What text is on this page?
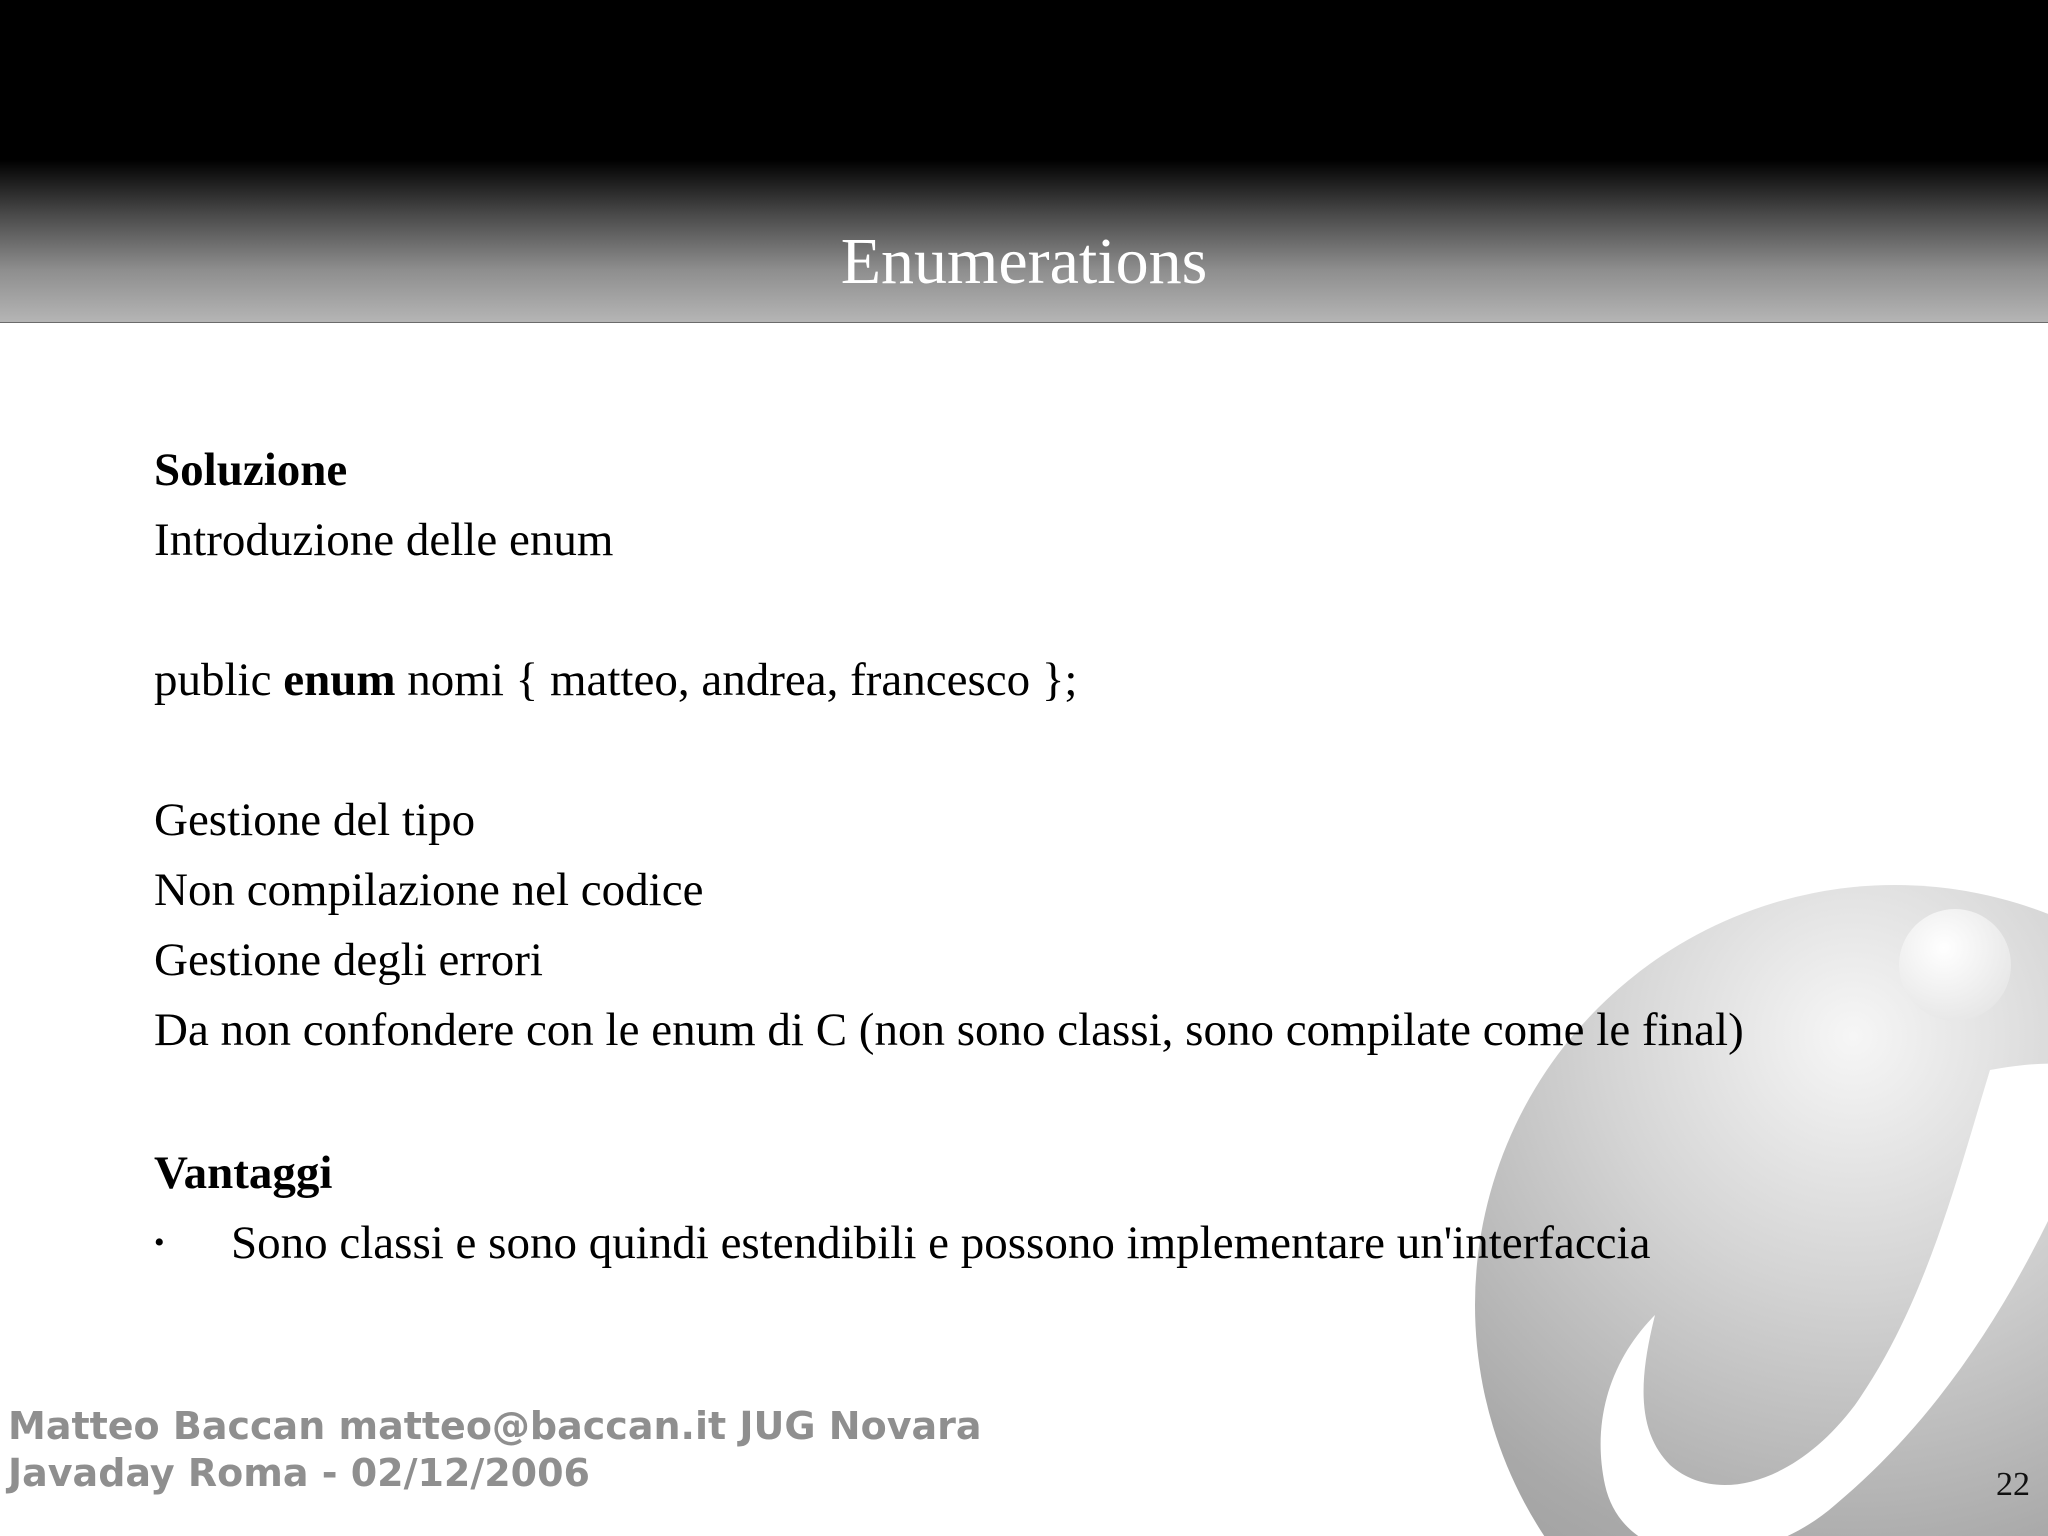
Enumerations
Soluzione
Introduzione delle enum
public enum nomi { matteo, andrea, francesco };
Gestione del tipo
Non compilazione nel codice
Gestione degli errori
Da non confondere con le enum di C (non sono classi, sono compilate come le final)
Vantaggi
• Sono classi e sono quindi estendibili e possono implementare un'interfaccia
Matteo Baccan matteo@baccan.it JUG Novara
Javaday Roma - 02/12/2006	22
